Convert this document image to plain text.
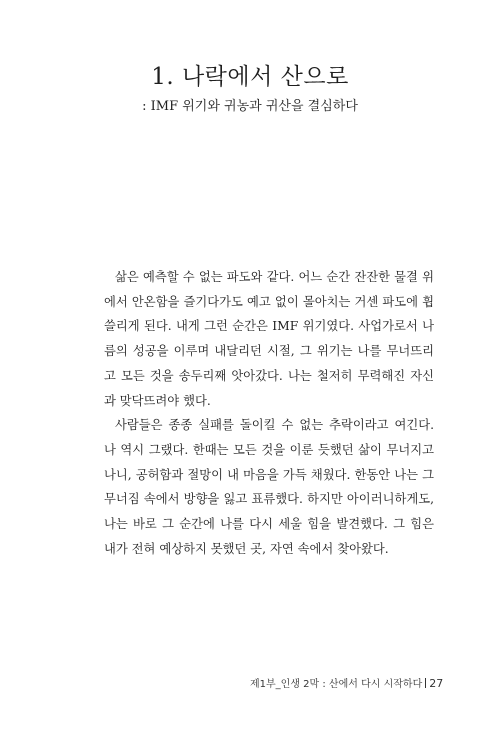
1. 나락에서 산으로
: IMF 위기와 귀농과 귀산을 결심하다

삶은 예측할 수 없는 파도와 같다. 어느 순간 잔잔한 물결 위에서 안온함을 즐기다가도 예고 없이 몰아치는 거센 파도에 휩쓸리게 된다. 내게 그런 순간은 IMF 위기였다. 사업가로서 나름의 성공을 이루며 내달리던 시절, 그 위기는 나를 무너뜨리고 모든 것을 송두리째 앗아갔다. 나는 철저히 무력해진 자신과 맞닥뜨려야 했다.

사람들은 종종 실패를 돌이킬 수 없는 추락이라고 여긴다. 나 역시 그랬다. 한때는 모든 것을 이룬 듯했던 삶이 무너지고 나니, 공허함과 절망이 내 마음을 가득 채웠다. 한동안 나는 그 무너짐 속에서 방향을 잃고 표류했다. 하지만 아이러니하게도, 나는 바로 그 순간에 나를 다시 세울 힘을 발견했다. 그 힘은 내가 전혀 예상하지 못했던 곳, 자연 속에서 찾아왔다.

제1부_인생 2막 : 산에서 다시 시작하다 27
